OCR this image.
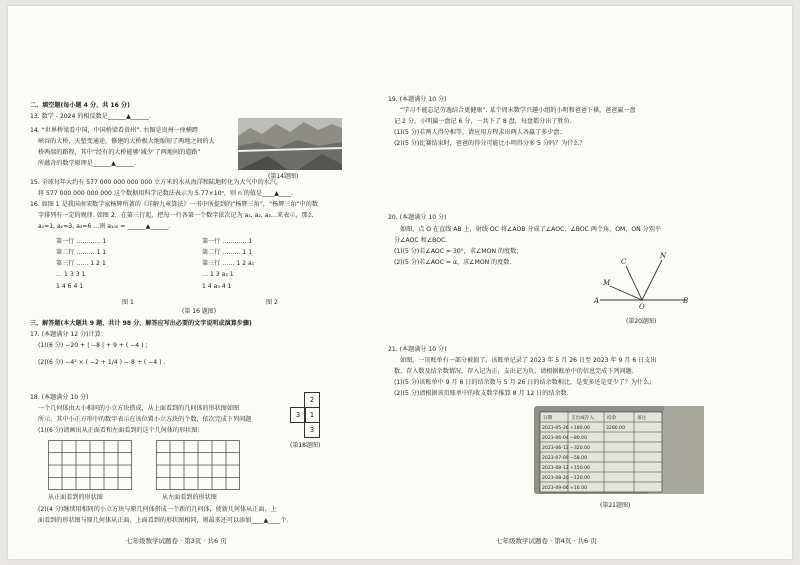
二、填空题(每小题 4 分，共 16 分)
13. 数学 - 2024 的相反数是______▲______.
14. “世界桥梁看中国，中国桥梁看贵州”. 右图是贵州一座横跨
峡谷的大桥，天堑变通途，修建的大桥极大地缩短了两地之间的大
桥两端的路程，其中“经有的大桥能够‘减少’了两地间的道路”
所蕴含的数学原理是______▲______.
(第14题图)
15. 全球每年大约有 577 000 000 000 000 立方米的水从海洋和陆地转化为大气中的水汽，
将 577 000 000 000 000 这个数据用科学记数法表示为 5.77×10ⁿ，则 n 的值是____▲____.
16. 如图 1 是我国南宋数学家杨辉所著的《详解九章算法》一书中所提到的“杨辉三角”，“杨辉三角”中的数
字排列有一定的规律. 如图 2，在第三行起，把每一行各第一个数字依次记为 a₁, a₂, a₃…来表示，那么
a₁=1, a₂=3, a₃=6 …则 a₁₀₀ = ______▲______.
第一行 ………… 1
第二行 ……… 1 1
第三行 …… 1 2 1
… 1 3 3 1
1 4 6 4 1
图 1
第一行 ………… 1
第二行 ……… 1 1
第三行 …… 1 2 a₁
… 1 3 a₂ 1
1 4 a₃ 4 1
图 2
(第 16 题图)
三、解答题(本大题共 9 题，共计 98 分，解答应写出必要的文字说明或演算步骤)
17. (本题满分 12 分)计算：
(1)(6 分) −20 + | −8 | + 9 + ( −4 ) ;
(2)(6 分) −4² × ( −2 + 1/4 ) − 8 ÷ ( −4 ) .
18. (本题满分 10 分)
一个几何体由大小相同的小立方块搭成，从上面看到的几何体的形状图如图
所示，其中小正方形中的数字表示在该位置小立方块的个数，依次完成下列问题
(1)(6 分)请画出从正面看和左面看到的这个几何体的形状图：
2
3	1
3
(第18题图)
从正面看到的形状图	从左面看到的形状图
(2)(4 分)继续用相同的小立方块与原几何体搭成一个新的几何体，使新几何体从正面、上
面看到的形状图与原几何体从正面、上面看到的形状图相同，则最多还可以添加____▲____个.
七年级数学试题卷 · 第3页 · 共6 页
19. (本题满分 10 分)
“学习不能忘记劳逸结合更健康”. 某个周末数学兴趣小组的小明和爸爸下棋，爸爸赢一盘
记 2 分，小明赢一盘记 6 分，一共下了 8 盘，每盘都分出了胜负.
(1)(5 分)若两人得分相等，请应用方程求出两人各赢了多少盘；
(2)(5 分)比赛结束时，爸爸的得分可能比小明得分多 5 分吗？为什么？
20. (本题满分 10 分)
如图，点 O 在直线 AB 上，射线 OC 将∠AOB 分成了∠AOC、∠BOC 两个角，OM，ON 分别平
分∠AOC 和∠BOC.
(1)(5 分)若∠AOC = 30°，求∠MON 的度数；
(2)(5 分)若∠AOC = α，求∠MON 的度数.
A
O
B
C
M
N
(第20题图)
21. (本题满分 10 分)
如图，一页账单有一部分被损了，该账单记录了 2023 年 5 月 26 日至 2023 年 9 月 6 日支出
数、存入数及结余数情况，存入记为正，支出记为负，请根据账单中的信息完成下列问题.
(1)(5 分)该账单中 9 月 6 日的结余数与 5 月 26 日的结余数相比，是变多还是变少了？为什么；
(2)(5 分)请根据该页账单中的收支数字推算 8 月 12 日的结余数.
日期	支出或存入	结余	备注
2023-05-26 +180.00	3280.00
2023-06-04 −80.00
2023-06-12 −320.00
2023-07-09 −58.00
2023-08-12 +150.00
2023-08-20 −120.00
2023-09-06 +16.00
(第21题图)
七年级数学试题卷 · 第4页 · 共6 页
